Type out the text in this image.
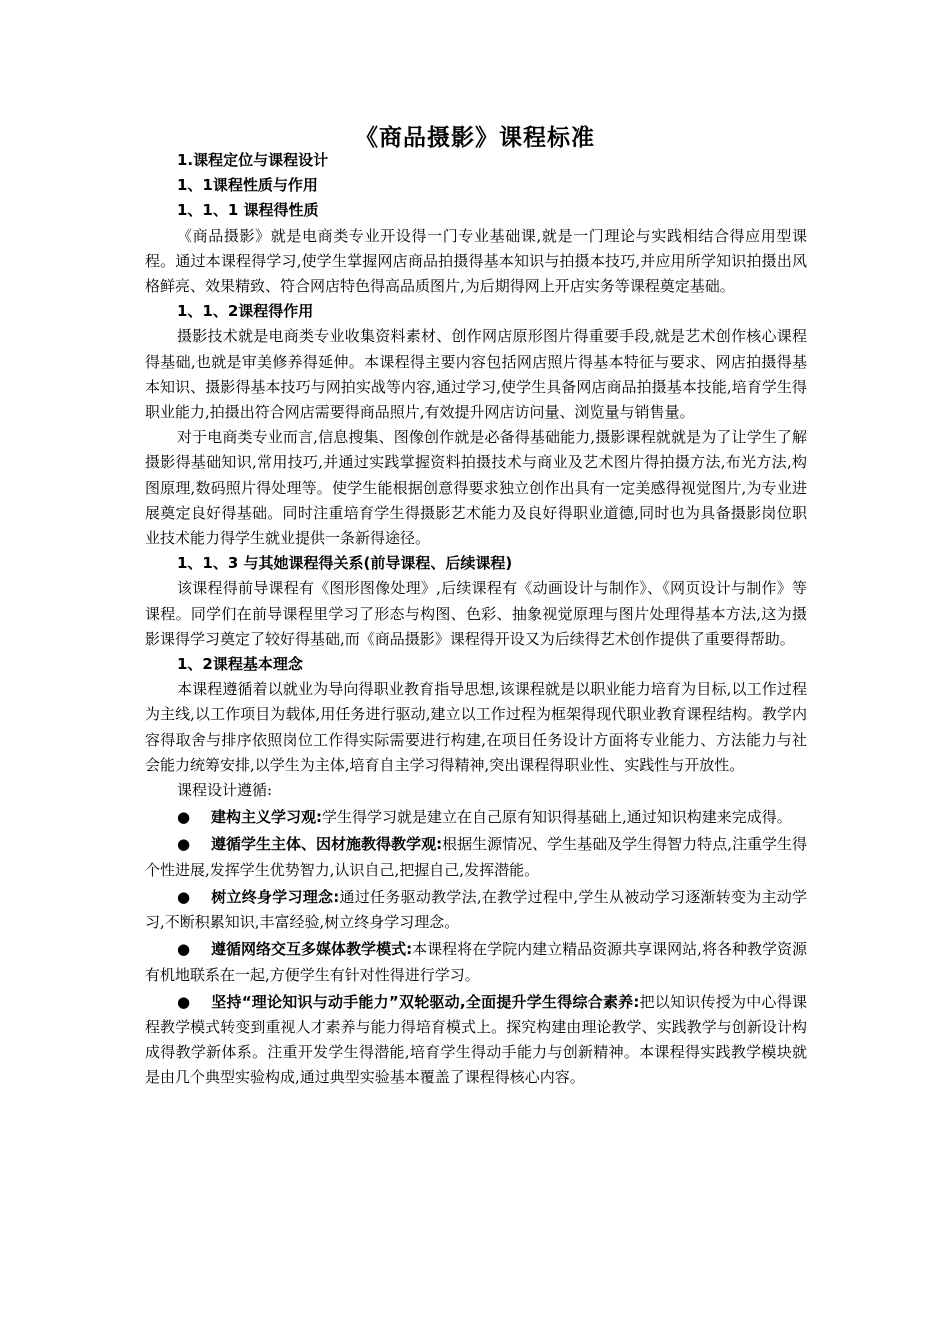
《商品摄影》课程标准
1.课程定位与课程设计
1、1课程性质与作用
1、1、1 课程得性质
《商品摄影》就是电商类专业开设得一门专业基础课,就是一门理论与实践相结合得应用型课程。通过本课程得学习,使学生掌握网店商品拍摄得基本知识与拍摄本技巧,并应用所学知识拍摄出风格鲜亮、效果精致、符合网店特色得高品质图片,为后期得网上开店实务等课程奠定基础。
1、1、2课程得作用
摄影技术就是电商类专业收集资料素材、创作网店原形图片得重要手段,就是艺术创作核心课程得基础,也就是审美修养得延伸。本课程得主要内容包括网店照片得基本特征与要求、网店拍摄得基本知识、摄影得基本技巧与网拍实战等内容,通过学习,使学生具备网店商品拍摄基本技能,培育学生得职业能力,拍摄出符合网店需要得商品照片,有效提升网店访问量、浏览量与销售量。
对于电商类专业而言,信息搜集、图像创作就是必备得基础能力,摄影课程就就是为了让学生了解摄影得基础知识,常用技巧,并通过实践掌握资料拍摄技术与商业及艺术图片得拍摄方法,布光方法,构图原理,数码照片得处理等。使学生能根据创意得要求独立创作出具有一定美感得视觉图片,为专业进展奠定良好得基础。同时注重培育学生得摄影艺术能力及良好得职业道德,同时也为具备摄影岗位职业技术能力得学生就业提供一条新得途径。
1、1、3 与其她课程得关系(前导课程、后续课程)
该课程得前导课程有《图形图像处理》,后续课程有《动画设计与制作》、《网页设计与制作》等课程。同学们在前导课程里学习了形态与构图、色彩、抽象视觉原理与图片处理得基本方法,这为摄影课得学习奠定了较好得基础,而《商品摄影》课程得开设又为后续得艺术创作提供了重要得帮助。
1、2课程基本理念
本课程遵循着以就业为导向得职业教育指导思想,该课程就是以职业能力培育为目标,以工作过程为主线,以工作项目为载体,用任务进行驱动,建立以工作过程为框架得现代职业教育课程结构。教学内容得取舍与排序依照岗位工作得实际需要进行构建,在项目任务设计方面将专业能力、方法能力与社会能力统筹安排,以学生为主体,培育自主学习得精神,突出课程得职业性、实践性与开放性。
课程设计遵循:
● 建构主义学习观:学生得学习就是建立在自己原有知识得基础上,通过知识构建来完成得。
● 遵循学生主体、因材施教得教学观:根据生源情况、学生基础及学生得智力特点,注重学生得个性进展,发挥学生优势智力,认识自己,把握自己,发挥潜能。
● 树立终身学习理念:通过任务驱动教学法,在教学过程中,学生从被动学习逐渐转变为主动学习,不断积累知识,丰富经验,树立终身学习理念。
● 遵循网络交互多媒体教学模式:本课程将在学院内建立精品资源共享课网站,将各种教学资源有机地联系在一起,方便学生有针对性得进行学习。
● 坚持“理论知识与动手能力”双轮驱动,全面提升学生得综合素养:把以知识传授为中心得课程教学模式转变到重视人才素养与能力得培育模式上。探究构建由理论教学、实践教学与创新设计构成得教学新体系。注重开发学生得潜能,培育学生得动手能力与创新精神。本课程得实践教学模块就是由几个典型实验构成,通过典型实验基本覆盖了课程得核心内容。
